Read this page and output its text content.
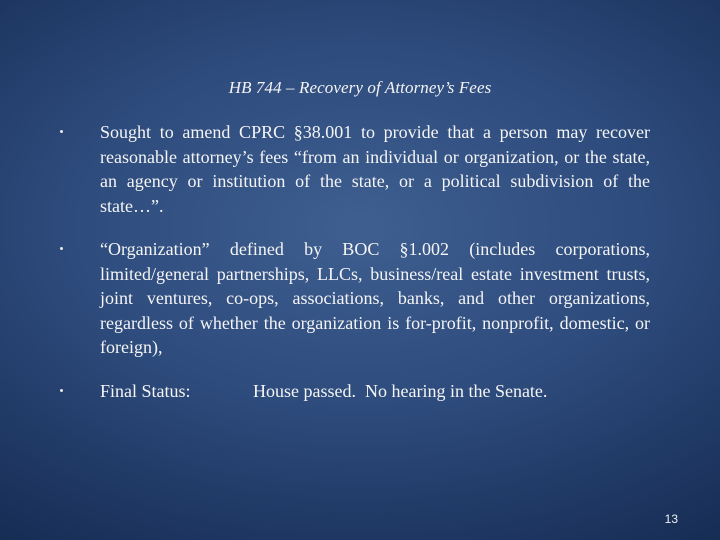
HB 744 – Recovery of Attorney’s Fees
Sought to amend CPRC §38.001 to provide that a person may recover reasonable attorney’s fees “from an individual or organization, or the state, an agency or institution of the state, or a political subdivision of the state…”.
“Organization” defined by BOC §1.002 (includes corporations, limited/general partnerships, LLCs, business/real estate investment trusts, joint ventures, co-ops, associations, banks, and other organizations, regardless of whether the organization is for-profit, nonprofit, domestic, or foreign),
Final Status:	House passed.  No hearing in the Senate.
13
